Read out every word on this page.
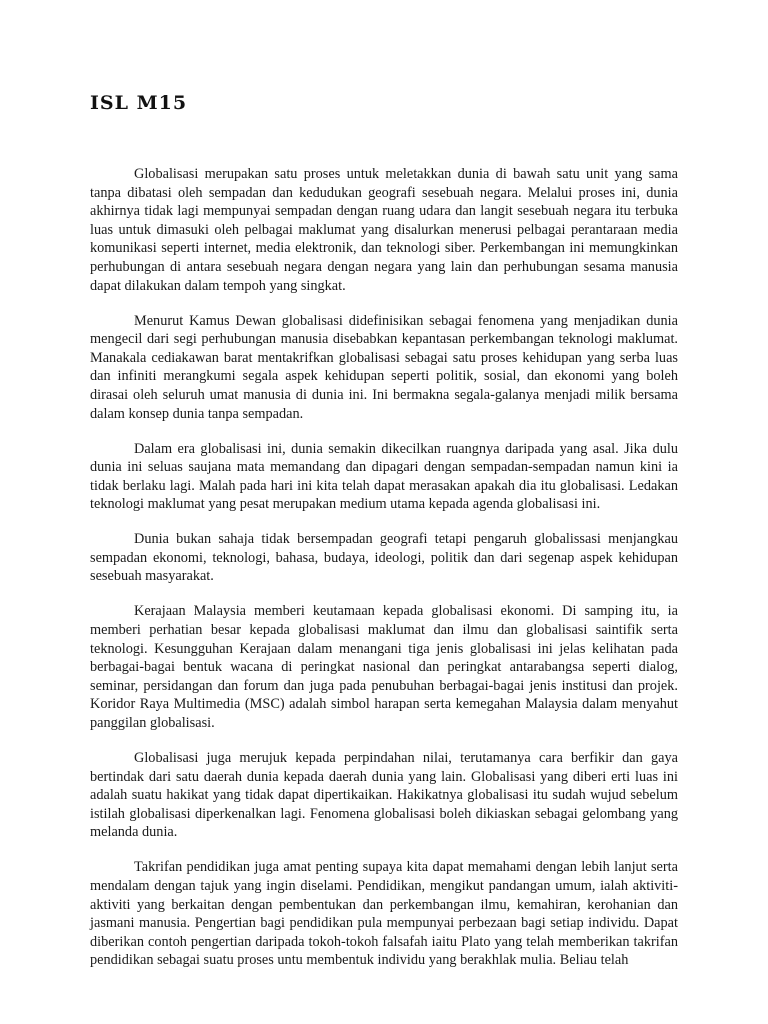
ISL M15

Globalisasi merupakan satu proses untuk meletakkan dunia di bawah satu unit yang sama tanpa dibatasi oleh sempadan dan kedudukan geografi sesebuah negara. Melalui proses ini, dunia akhirnya tidak lagi mempunyai sempadan dengan ruang udara dan langit sesebuah negara itu terbuka luas untuk dimasuki oleh pelbagai maklumat yang disalurkan menerusi pelbagai perantaraan media komunikasi seperti internet, media elektronik, dan teknologi siber. Perkembangan ini memungkinkan perhubungan di antara sesebuah negara dengan negara yang lain dan perhubungan sesama manusia dapat dilakukan dalam tempoh yang singkat.

Menurut Kamus Dewan globalisasi didefinisikan sebagai fenomena yang menjadikan dunia mengecil dari segi perhubungan manusia disebabkan kepantasan perkembangan teknologi maklumat. Manakala cediakawan barat mentakrifkan globalisasi sebagai satu proses kehidupan yang serba luas dan infiniti merangkumi segala aspek kehidupan seperti politik, sosial, dan ekonomi yang boleh dirasai oleh seluruh umat manusia di dunia ini. Ini bermakna segala-galanya menjadi milik bersama dalam konsep dunia tanpa sempadan.

Dalam era globalisasi ini, dunia semakin dikecilkan ruangnya daripada yang asal. Jika dulu dunia ini seluas saujana mata memandang dan dipagari dengan sempadan-sempadan namun kini ia tidak berlaku lagi. Malah pada hari ini kita telah dapat merasakan apakah dia itu globalisasi. Ledakan teknologi maklumat yang pesat merupakan medium utama kepada agenda globalisasi ini.

Dunia bukan sahaja tidak bersempadan geografi tetapi pengaruh globalissasi menjangkau sempadan ekonomi, teknologi, bahasa, budaya, ideologi, politik dan dari segenap aspek kehidupan sesebuah masyarakat.

Kerajaan Malaysia memberi keutamaan kepada globalisasi ekonomi. Di samping itu, ia memberi perhatian besar kepada globalisasi maklumat dan ilmu dan globalisasi saintifik serta teknologi. Kesungguhan Kerajaan dalam menangani tiga jenis globalisasi ini jelas kelihatan pada berbagai-bagai bentuk wacana di peringkat nasional dan peringkat antarabangsa seperti dialog, seminar, persidangan dan forum dan juga pada penubuhan berbagai-bagai jenis institusi dan projek. Koridor Raya Multimedia (MSC) adalah simbol harapan serta kemegahan Malaysia dalam menyahut panggilan globalisasi.

Globalisasi juga merujuk kepada perpindahan nilai, terutamanya cara berfikir dan gaya bertindak dari satu daerah dunia kepada daerah dunia yang lain. Globalisasi yang diberi erti luas ini adalah suatu hakikat yang tidak dapat dipertikaikan. Hakikatnya globalisasi itu sudah wujud sebelum istilah globalisasi diperkenalkan lagi. Fenomena globalisasi boleh dikiaskan sebagai gelombang yang melanda dunia.

Takrifan pendidikan juga amat penting supaya kita dapat memahami dengan lebih lanjut serta mendalam dengan tajuk yang ingin diselami. Pendidikan, mengikut pandangan umum, ialah aktiviti-aktiviti yang berkaitan dengan pembentukan dan perkembangan ilmu, kemahiran, kerohanian dan jasmani manusia. Pengertian bagi pendidikan pula mempunyai perbezaan bagi setiap individu. Dapat diberikan contoh pengertian daripada tokoh-tokoh falsafah iaitu Plato yang telah memberikan takrifan pendidikan sebagai suatu proses untu membentuk individu yang berakhlak mulia. Beliau telah
